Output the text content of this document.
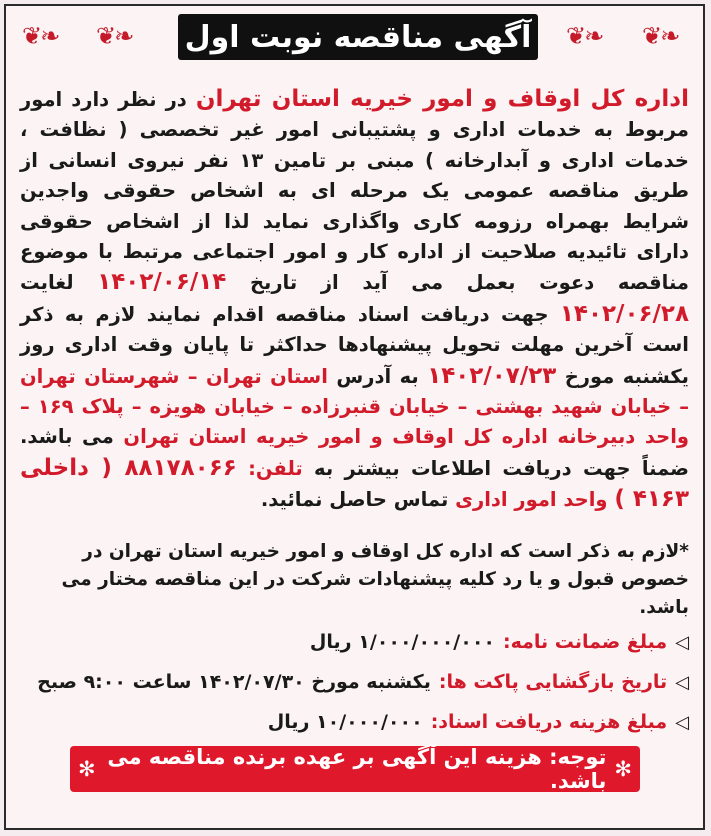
❦❧ ❦❧ آگهی مناقصه نوبت اول ❦❧ ❦❧
اداره کل اوقاف و امور خیریه استان تهران در نظر دارد امور مربوط به خدمات اداری و پشتیبانی امور غیر تخصصی ( نظافت ، خدمات اداری و آبدارخانه ) مبنی بر تامین ۱۳ نفر نیروی انسانی از طریق مناقصه عمومی یک مرحله ای به اشخاص حقوقی واجدین شرایط بهمراه رزومه کاری واگذاری نماید لذا از اشخاص حقوقی دارای تائیدیه صلاحیت از اداره کار و امور اجتماعی مرتبط با موضوع مناقصه دعوت بعمل می آید از تاریخ ۱۴۰۲/۰۶/۱۴ لغایت ۱۴۰۲/۰۶/۲۸ جهت دریافت اسناد مناقصه اقدام نمایند لازم به ذکر است آخرین مهلت تحویل پیشنهادها حداکثر تا پایان وقت اداری روز یکشنبه مورخ ۱۴۰۲/۰۷/۲۳ به آدرس استان تهران – شهرستان تهران – خیابان شهید بهشتی – خیابان قنبرزاده – خیابان هویزه – پلاک ۱۶۹ – واحد دبیرخانه اداره کل اوقاف و امور خیریه استان تهران می باشد. ضمناً جهت دریافت اطلاعات بیشتر به تلفن: ۸۸۱۷۸۰۶۶ ( داخلی ۴۱۶۳ ) واحد امور اداری تماس حاصل نمائید.
*لازم به ذکر است که اداره کل اوقاف و امور خیریه استان تهران در خصوص قبول و یا رد کلیه پیشنهادات شرکت در این مناقصه مختار می باشد.
◁
مبلغ ضمانت نامه:
۱/۰۰۰/۰۰۰/۰۰۰ ریال
◁
تاریخ بازگشایی پاکت ها:
یکشنبه مورخ ۱۴۰۲/۰۷/۳۰ ساعت ۹:۰۰ صبح
◁
مبلغ هزینه دریافت اسناد:
۱۰/۰۰۰/۰۰۰ ریال
✻
توجه: هزینه این آگهی بر عهده برنده مناقصه می باشد.
✻
